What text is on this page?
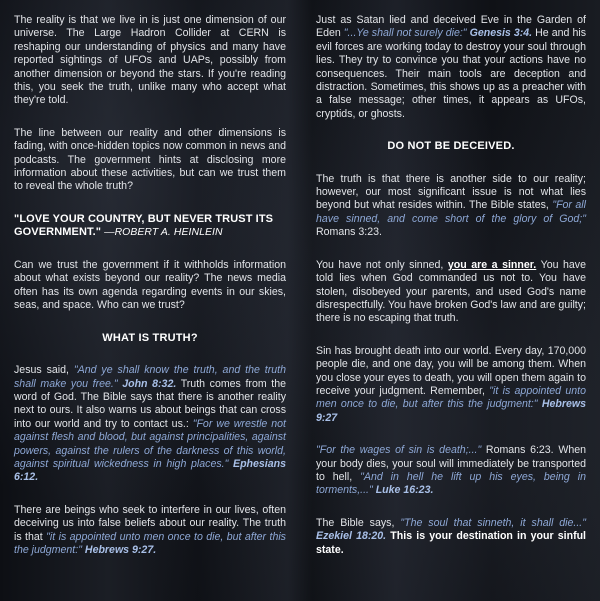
The reality is that we live in is just one dimension of our universe. The Large Hadron Collider at CERN is reshaping our understanding of physics and many have reported sightings of UFOs and UAPs, possibly from another dimension or beyond the stars. If you're reading this, you seek the truth, unlike many who accept what they're told.

The line between our reality and other dimensions is fading, with once-hidden topics now common in news and podcasts. The government hints at disclosing more information about these activities, but can we trust them to reveal the whole truth?

"LOVE YOUR COUNTRY, BUT NEVER TRUST ITS GOVERNMENT." —ROBERT A. HEINLEIN

Can we trust the government if it withholds information about what exists beyond our reality? The news media often has its own agenda regarding events in our skies, seas, and space. Who can we trust?

WHAT IS TRUTH?

Jesus said, "And ye shall know the truth, and the truth shall make you free." John 8:32. Truth comes from the word of God. The Bible says that there is another reality next to ours. It also warns us about beings that can cross into our world and try to contact us.: "For we wrestle not against flesh and blood, but against principalities, against powers, against the rulers of the darkness of this world, against spiritual wickedness in high places." Ephesians 6:12.

There are beings who seek to interfere in our lives, often deceiving us into false beliefs about our reality. The truth is that "it is appointed unto men once to die, but after this the judgment:" Hebrews 9:27.

Just as Satan lied and deceived Eve in the Garden of Eden "...Ye shall not surely die:" Genesis 3:4. He and his evil forces are working today to destroy your soul through lies. They try to convince you that your actions have no consequences. Their main tools are deception and distraction. Sometimes, this shows up as a preacher with a false message; other times, it appears as UFOs, cryptids, or ghosts.

DO NOT BE DECEIVED.

The truth is that there is another side to our reality; however, our most significant issue is not what lies beyond but what resides within. The Bible states, "For all have sinned, and come short of the glory of God;" Romans 3:23.

You have not only sinned, you are a sinner. You have told lies when God commanded us not to. You have stolen, disobeyed your parents, and used God's name disrespectfully. You have broken God's law and are guilty; there is no escaping that truth.

Sin has brought death into our world. Every day, 170,000 people die, and one day, you will be among them. When you close your eyes to death, you will open them again to receive your judgment. Remember, "it is appointed unto men once to die, but after this the judgment:" Hebrews 9:27

"For the wages of sin is death;..." Romans 6:23. When your body dies, your soul will immediately be transported to hell, "And in hell he lift up his eyes, being in torments,..." Luke 16:23.

The Bible says, "The soul that sinneth, it shall die..." Ezekiel 18:20. This is your destination in your sinful state.
